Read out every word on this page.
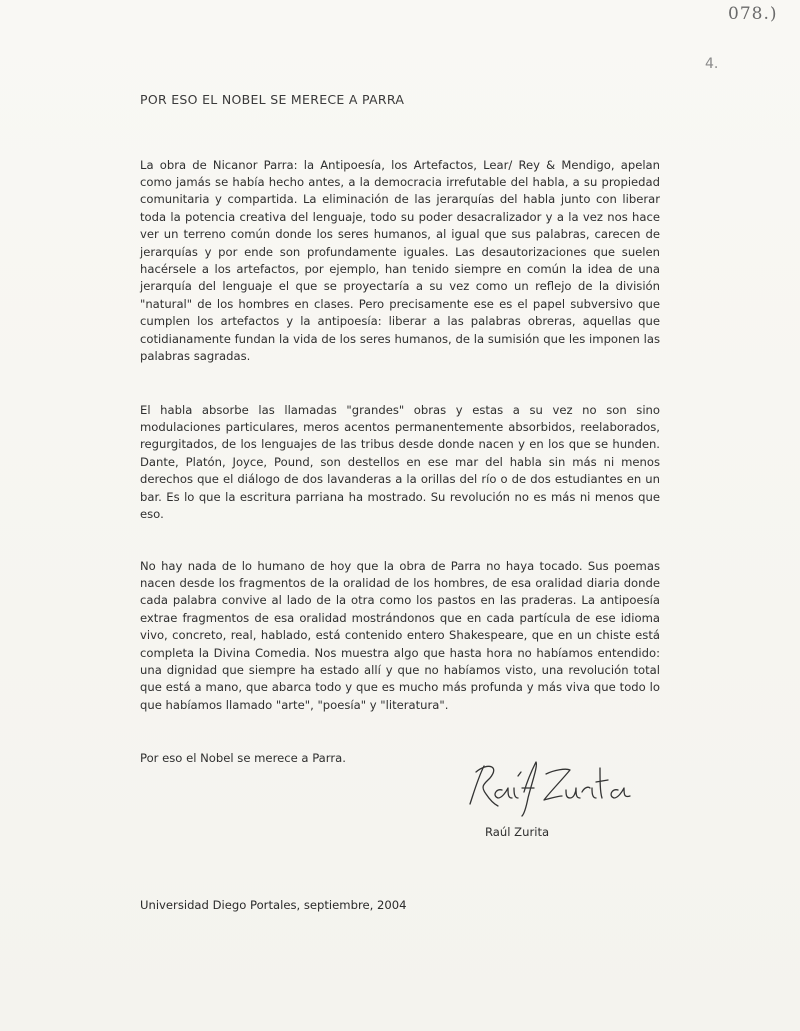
078.)
4.
POR ESO EL NOBEL SE MERECE A PARRA

La obra de Nicanor Parra: la Antipoesía, los Artefactos, Lear/ Rey & Mendigo, apelan como jamás se había hecho antes, a la democracia irrefutable del habla, a su propiedad comunitaria y compartida. La eliminación de las jerarquías del habla junto con liberar toda la potencia creativa del lenguaje, todo su poder desacralizador y a la vez nos hace ver un terreno común donde los seres humanos, al igual que sus palabras, carecen de jerarquías y por ende son profundamente iguales. Las desautorizaciones que suelen hacérsele a los artefactos, por ejemplo, han tenido siempre en común la idea de una jerarquía del lenguaje el que se proyectaría a su vez como un reflejo de la división "natural" de los hombres en clases. Pero precisamente ese es el papel subversivo que cumplen los artefactos y la antipoesía: liberar a las palabras obreras, aquellas que cotidianamente fundan la vida de los seres humanos, de la sumisión que les imponen las palabras sagradas.

El habla absorbe las llamadas "grandes" obras y estas a su vez no son sino modulaciones particulares, meros acentos permanentemente absorbidos, reelaborados, regurgitados, de los lenguajes de las tribus desde donde nacen y en los que se hunden. Dante, Platón, Joyce, Pound, son destellos en ese mar del habla sin más ni menos derechos que el diálogo de dos lavanderas a la orillas del río o de dos estudiantes en un bar. Es lo que la escritura parriana ha mostrado. Su revolución no es más ni menos que eso.

No hay nada de lo humano de hoy que la obra de Parra no haya tocado. Sus poemas nacen desde los fragmentos de la oralidad de los hombres, de esa oralidad diaria donde cada palabra convive al lado de la otra como los pastos en las praderas. La antipoesía extrae fragmentos de esa oralidad mostrándonos que en cada partícula de ese idioma vivo, concreto, real, hablado, está contenido entero Shakespeare, que en un chiste está completa la Divina Comedia. Nos muestra algo que hasta hora no habíamos entendido: una dignidad que siempre ha estado allí y que no habíamos visto, una revolución total que está a mano, que abarca todo y que es mucho más profunda y más viva que todo lo que habíamos llamado "arte", "poesía" y "literatura".

Por eso el Nobel se merece a Parra.
Raúl Zurita
Universidad Diego Portales, septiembre, 2004
